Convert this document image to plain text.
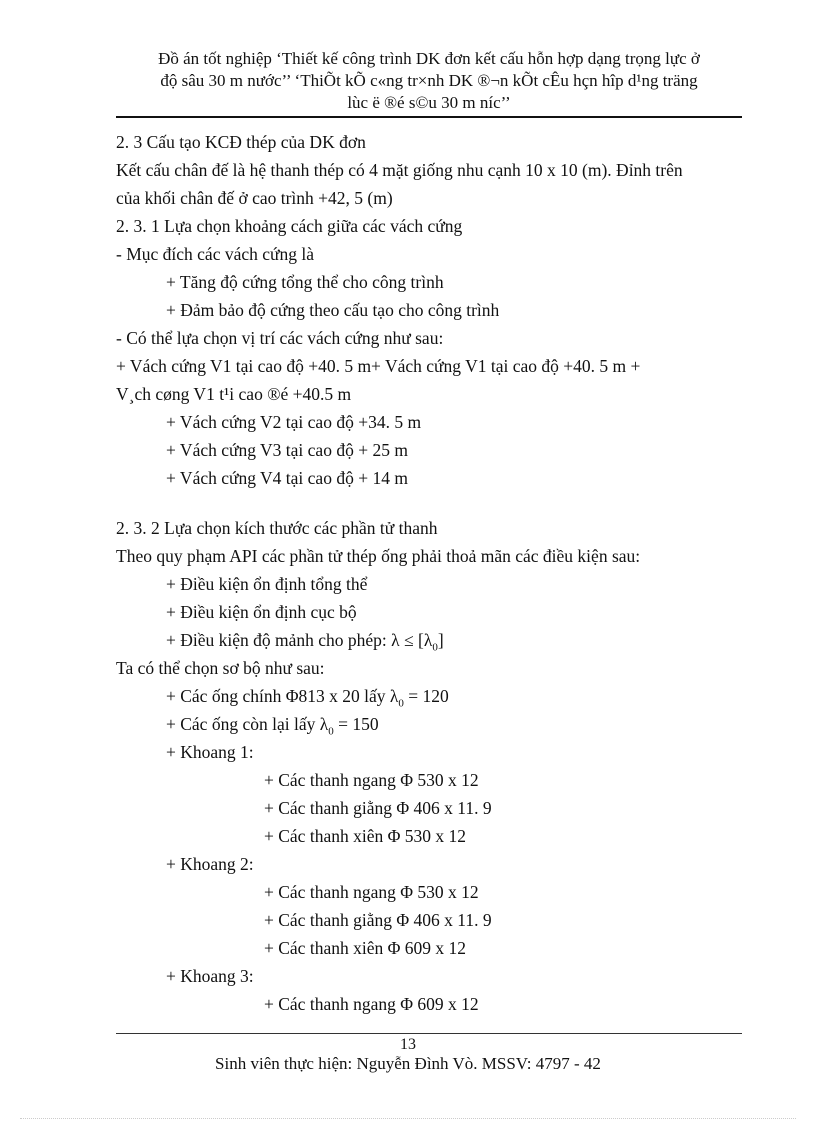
Đồ án tốt nghiệp ‘Thiết kế công trình DK đơn kết cấu hỗn hợp dạng trọng lực ở
độ sâu 30 m nước’’ ‘ThiÕt kÕ c«ng tr×nh DK ®¬n kÕt cÊu hçn hîp d¹ng träng
lùc ë ®é s©u 30 m níc’’
2. 3 Cấu tạo KCĐ thép của DK đơn
Kết cấu chân đế là hệ thanh thép có 4 mặt giống nhu cạnh 10 x 10 (m). Đỉnh trên
của khối chân đế ở cao trình +42, 5 (m)
2. 3. 1 Lựa chọn khoảng cách giữa các vách cứng
- Mục đích các vách cứng là
+ Tăng độ cứng tổng thể cho công trình
+ Đảm bảo độ cứng theo cấu tạo cho công trình
- Có thể lựa chọn vị trí các vách cứng như sau:
+ Vách cứng V1 tại cao độ +40. 5 m+ Vách cứng V1 tại cao độ +40. 5 m +
V¸ch cøng V1 t¹i cao ®é +40.5 m
+ Vách cứng V2 tại cao độ +34. 5 m
+ Vách cứng V3 tại cao độ + 25 m
+ Vách cứng V4 tại cao độ + 14 m
2. 3. 2 Lựa chọn kích thước các phần tử thanh
Theo quy phạm API các phần tử thép ống phải thoả mãn các điều kiện sau:
+ Điều kiện ổn định tổng thể
+ Điều kiện ổn định cục bộ
+ Điều kiện độ mảnh cho phép: $\lambda \le [\lambda_0]$
Ta có thể chọn sơ bộ như sau:
+ Các ống chính Φ813 x 20 lấy $\lambda_0 = 120$
+ Các ống còn lại lấy $\lambda_0 = 150$
+ Khoang 1:
+ Các thanh ngang Φ 530 x 12
+ Các thanh giằng Φ 406 x 11. 9
+ Các thanh xiên Φ 530 x 12
+ Khoang 2:
+ Các thanh ngang Φ 530 x 12
+ Các thanh giằng Φ 406 x 11. 9
+ Các thanh xiên Φ 609 x 12
+ Khoang 3:
+ Các thanh ngang Φ 609 x 12
13
Sinh viên thực hiện: Nguyễn Đình Vò. MSSV: 4797 - 42
